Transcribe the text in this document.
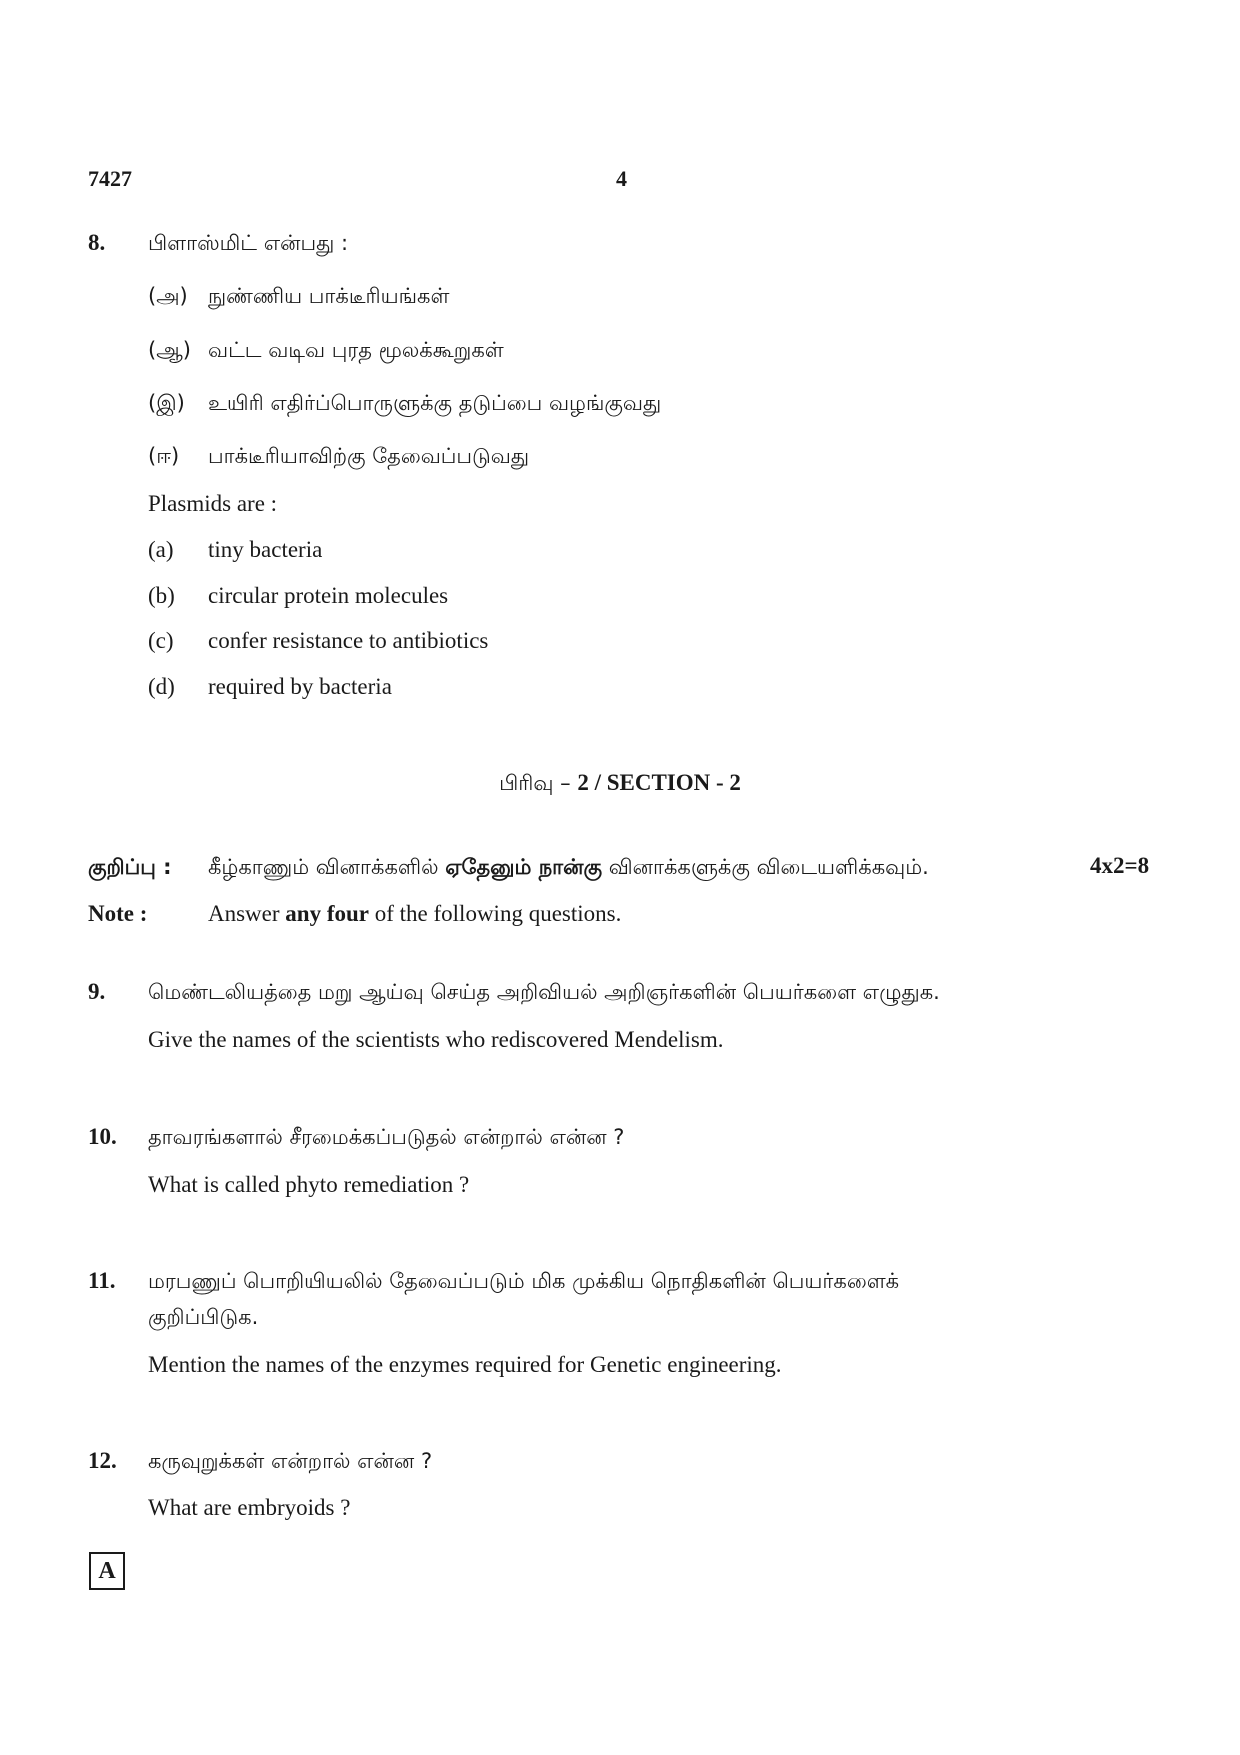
7427	4
8. பிளாஸ்மிட் என்பது :
(அ) நுண்ணிய பாக்டீரியங்கள்
(ஆ) வட்ட வடிவ புரத மூலக்கூறுகள்
(இ) உயிரி எதிர்ப்பொருளுக்கு தடுப்பை வழங்குவது
(ஈ) பாக்டீரியாவிற்கு தேவைப்படுவது
Plasmids are :
(a) tiny bacteria
(b) circular protein molecules
(c) confer resistance to antibiotics
(d) required by bacteria
பிரிவு – 2 / SECTION - 2
குறிப்பு : கீழ்காணும் வினாக்களில் ஏதேனும் நான்கு வினாக்களுக்கு விடையளிக்கவும்.	4x2=8
Note :	Answer any four of the following questions.
9. மெண்டலியத்தை மறு ஆய்வு செய்த அறிவியல் அறிஞர்களின் பெயர்களை எழுதுக.
Give the names of the scientists who rediscovered Mendelism.
10. தாவரங்களால் சீரமைக்கப்படுதல் என்றால் என்ன ?
What is called phyto remediation ?
11. மரபணுப் பொறியியலில் தேவைப்படும் மிக முக்கிய நொதிகளின் பெயர்களைக்
குறிப்பிடுக.
Mention the names of the enzymes required for Genetic engineering.
12. கருவுறுக்கள் என்றால் என்ன ?
What are embryoids ?
A
